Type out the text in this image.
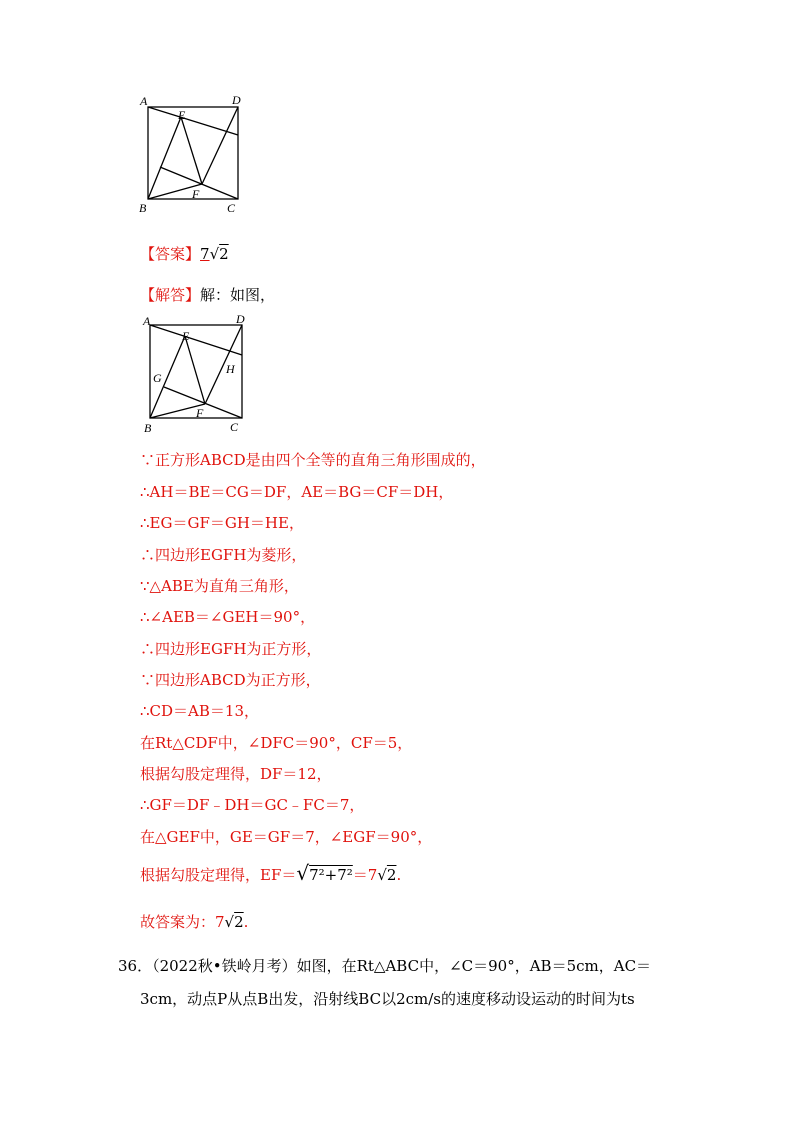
A	D
E
B
F
C
【答案】7√2
【解答】解：如图，
A	D
E
G
H
B
F
C
∵正方形ABCD是由四个全等的直角三角形围成的，
∴AH＝BE＝CG＝DF，AE＝BG＝CF＝DH，
∴EG＝GF＝GH＝HE，
∴四边形EGFH为菱形，
∵△ABE为直角三角形，
∴∠AEB＝∠GEH＝90°，
∴四边形EGFH为正方形，
∵四边形ABCD为正方形，
∴CD＝AB＝13，
在Rt△CDF中，∠DFC＝90°，CF＝5，
根据勾股定理得，DF＝12，
∴GF＝DF﹣DH＝GC﹣FC＝7，
在△GEF中，GE＝GF＝7，∠EGF＝90°，
根据勾股定理得，EF＝√7²+7²＝7√2.
故答案为：7√2.
36．（2022秋•铁岭月考）如图，在Rt△ABC中，∠C＝90°，AB＝5cm，AC＝
3cm，动点P从点B出发，沿射线BC以2cm/s的速度移动设运动的时间为ts
